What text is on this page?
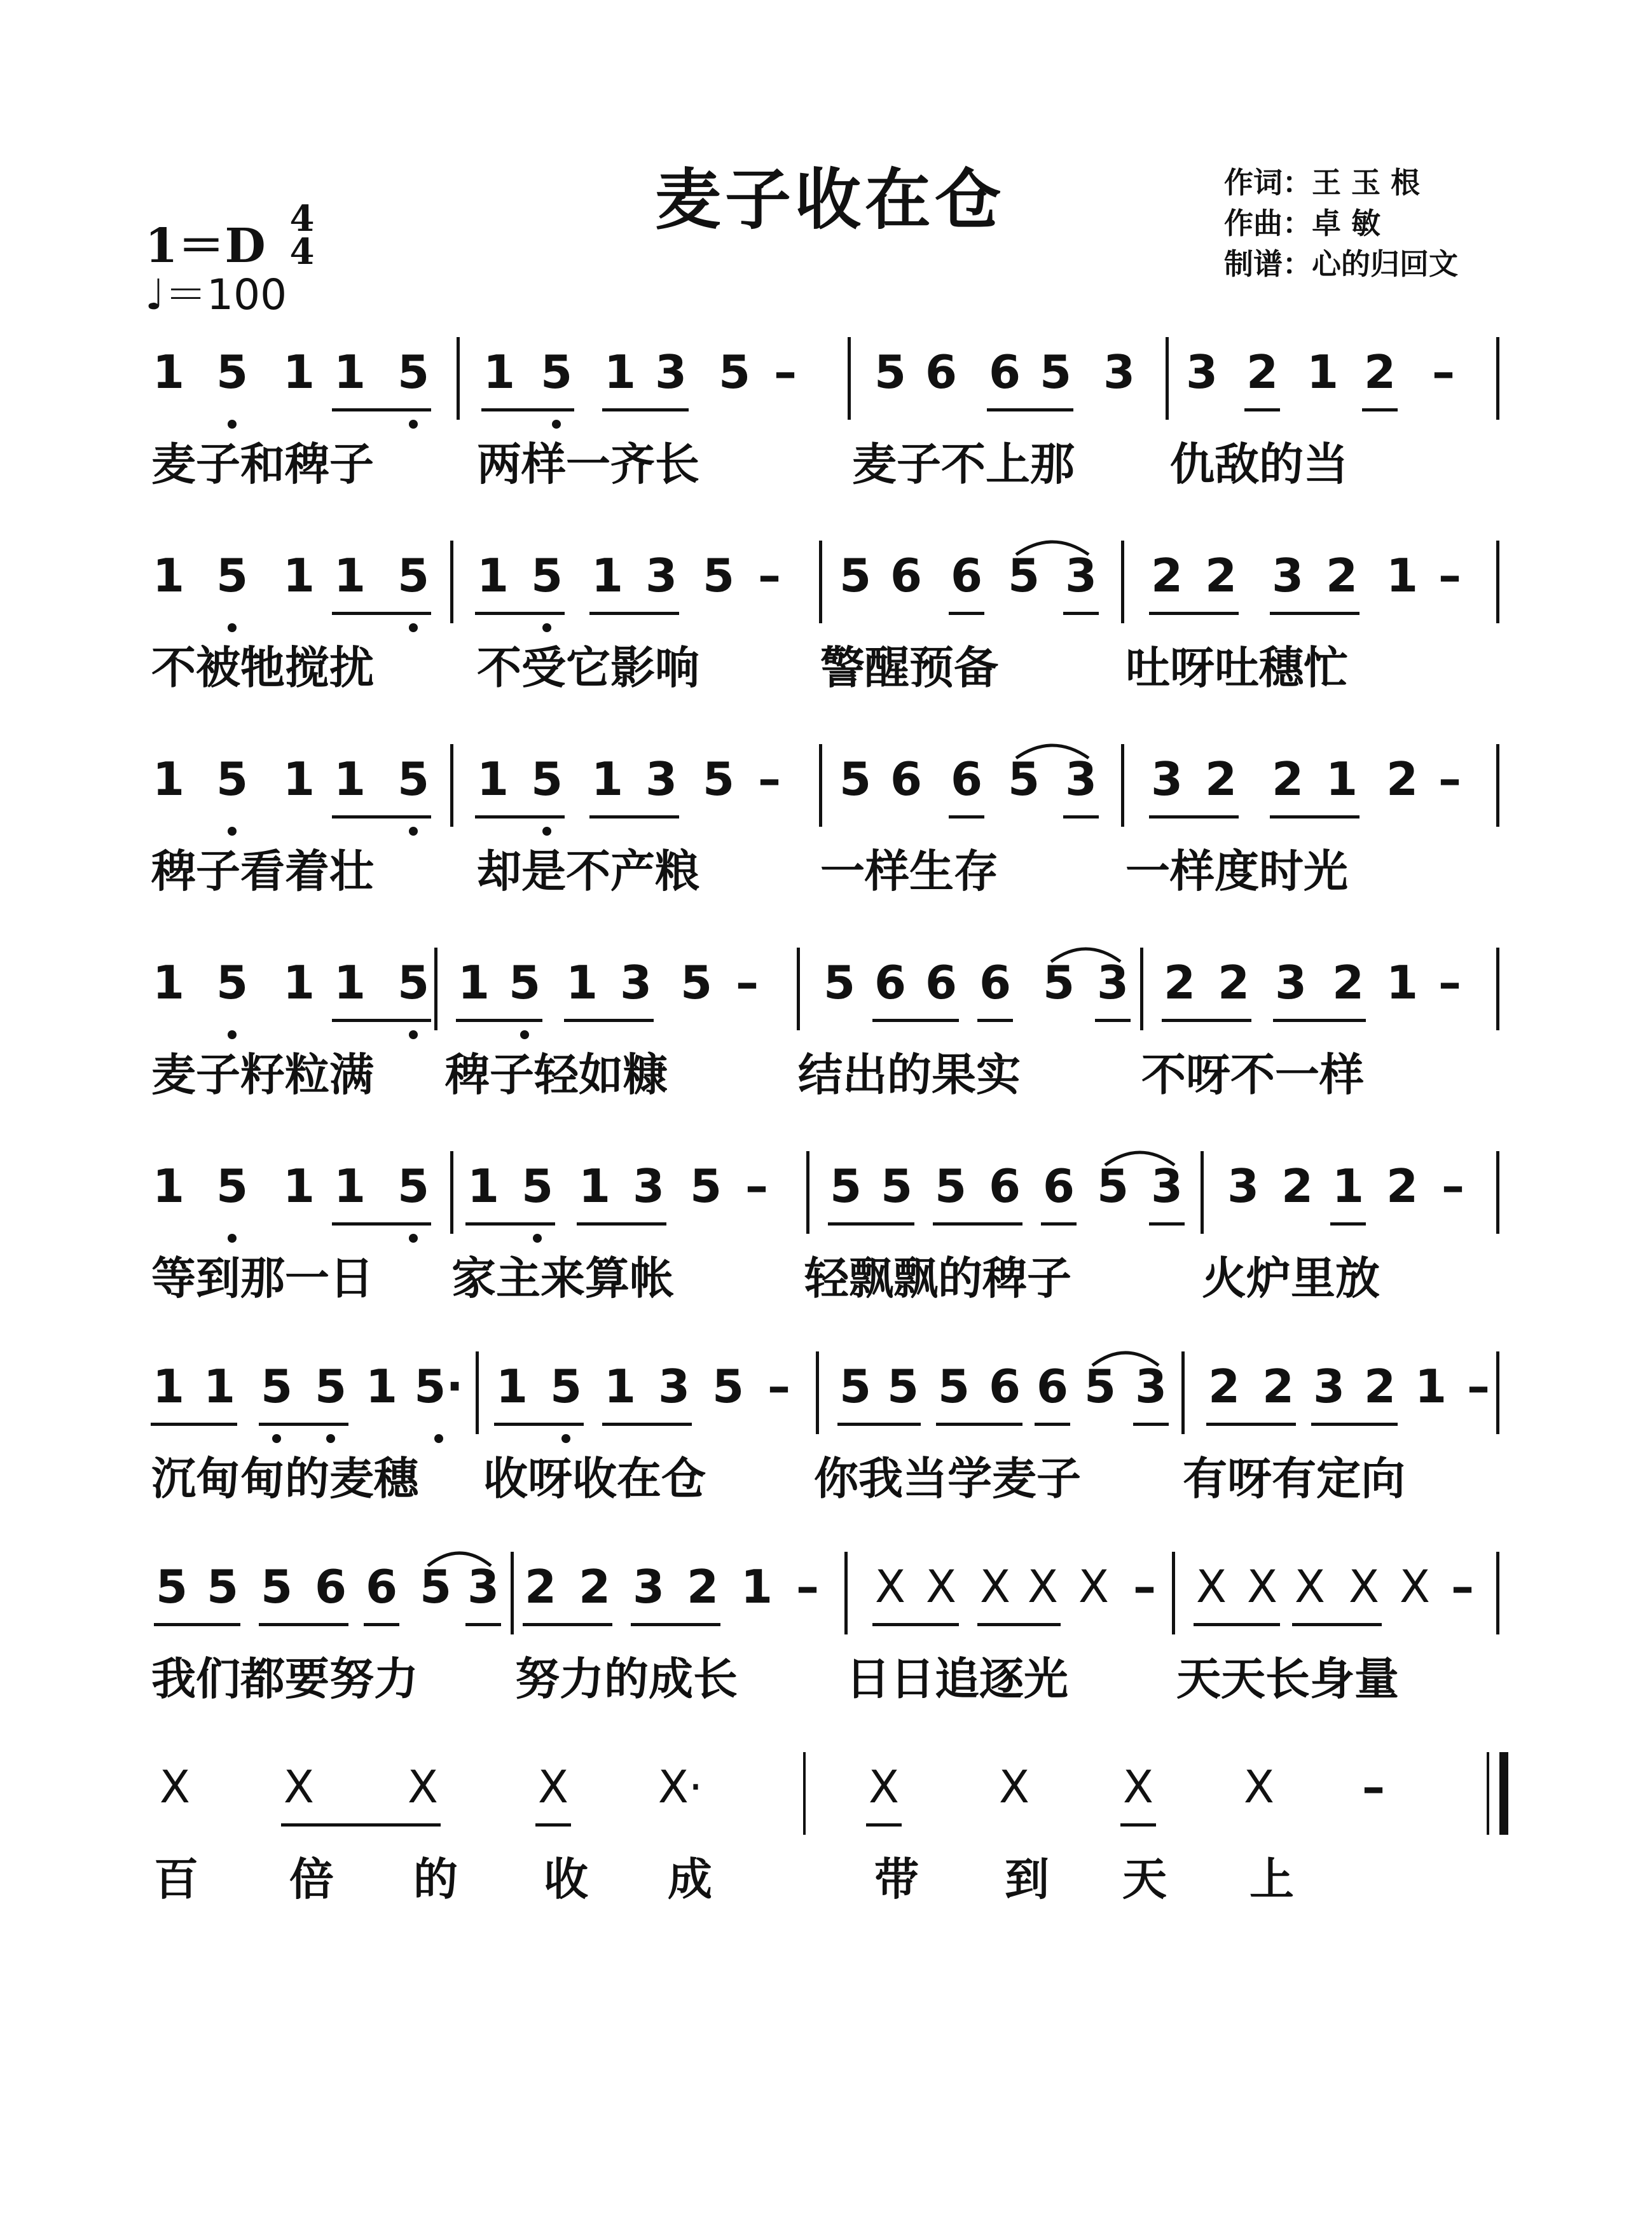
麦子收在仓	作词：王 玉 根
作曲：卓 敏
制谱：心的归回文
1＝D 4
4
♩＝100
1 5 1 1 5 1 5 1 3 5 –	5 6 6 5 3 3 2 1 2 –
麦子和稗子 两样一齐长	麦子不上那 仇敌的当
1 5 1 1 5 1 5 1 3 5 –	5 6 6 5 3 2 2 3 2 1 –
不被牠搅扰 不受它影响	警醒预备	吐呀吐穗忙
1 5 1 1 5 1 5 1 3 5 –	5 6 6 5 3 3 2 2 1 2 –
稗子看着壮 却是不产粮	一样生存	一样度时光
1 5 1 1 5 1 5 1 3 5 –	5 6 6 6 5 3 2 2 3 2 1 –
麦子籽粒满 稗子轻如糠	结出的果实	不呀不一样
1 5 1 1 5 1 5 1 3 5 –	5 5 5 6 6 5 3 3 2 1 2 –
等到那一日 家主来算帐	轻飘飘的稗子	火炉里放
1 1 5 5 1 5· 1 5 1 3 5 –	5 5 5 6 6 5 3 2 2 3 2 1 –
沉甸甸的麦穗 收呀收在仓 你我当学麦子 有呀有定向
5 5 5 6 6 5 3 2 2 3 2 1 –	X X X X X – X X X X X –
我们都要努力 努力的成长 日日追逐光 天天长身量
X X X X X·	X X X X	–
百 倍 的 收 成	带 到 天 上
